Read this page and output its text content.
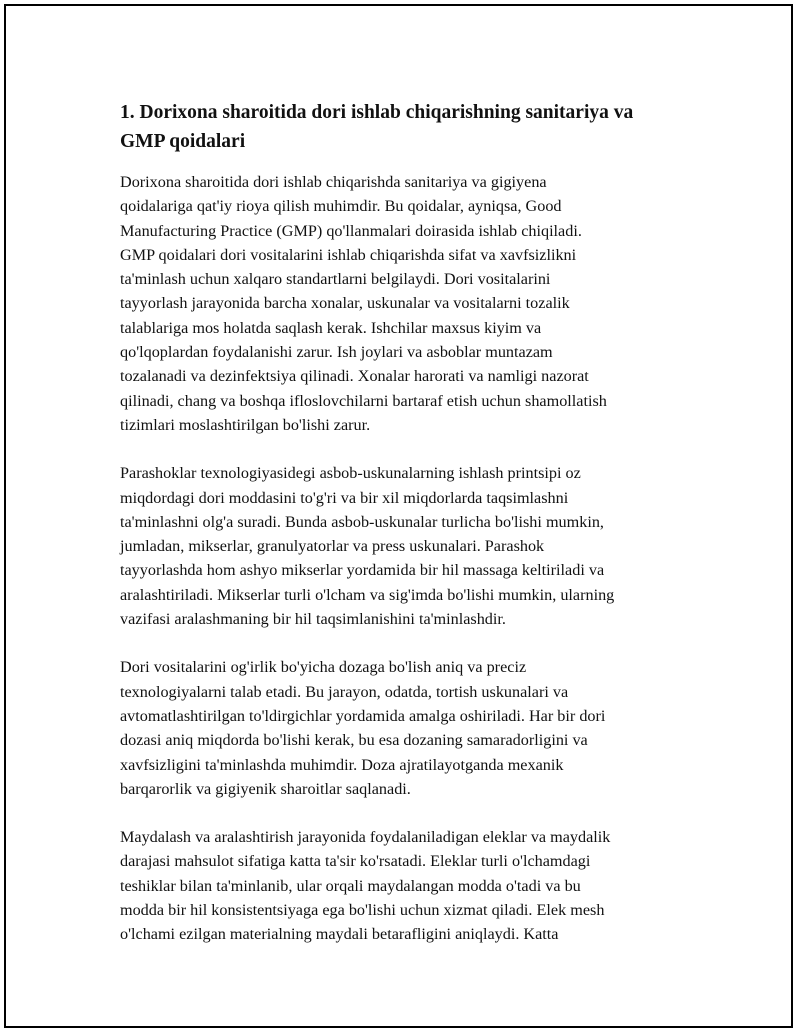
1. Dorixona sharoitida dori ishlab chiqarishning sanitariya va
GMP qoidalari

Dorixona sharoitida dori ishlab chiqarishda sanitariya va gigiyena
qoidalariga qat'iy rioya qilish muhimdir. Bu qoidalar, ayniqsa, Good
Manufacturing Practice (GMP) qo'llanmalari doirasida ishlab chiqiladi.
GMP qoidalari dori vositalarini ishlab chiqarishda sifat va xavfsizlikni
ta'minlash uchun xalqaro standartlarni belgilaydi. Dori vositalarini
tayyorlash jarayonida barcha xonalar, uskunalar va vositalarni tozalik
talablariga mos holatda saqlash kerak. Ishchilar maxsus kiyim va
qo'lqoplardan foydalanishi zarur. Ish joylari va asboblar muntazam
tozalanadi va dezinfektsiya qilinadi. Xonalar harorati va namligi nazorat
qilinadi, chang va boshqa ifloslovchilarni bartaraf etish uchun shamollatish
tizimlari moslashtirilgan bo'lishi zarur.

Parashoklar texnologiyasidegi asbob-uskunalarning ishlash printsipi oz
miqdordagi dori moddasini to'g'ri va bir xil miqdorlarda taqsimlashni
ta'minlashni olg'a suradi. Bunda asbob-uskunalar turlicha bo'lishi mumkin,
jumladan, mikserlar, granulyatorlar va press uskunalari. Parashok
tayyorlashda hom ashyo mikserlar yordamida bir hil massaga keltiriladi va
aralashtiriladi. Mikserlar turli o'lcham va sig'imda bo'lishi mumkin, ularning
vazifasi aralashmaning bir hil taqsimlanishini ta'minlashdir.

Dori vositalarini og'irlik bo'yicha dozaga bo'lish aniq va preciz
texnologiyalarni talab etadi. Bu jarayon, odatda, tortish uskunalari va
avtomatlashtirilgan to'ldirgichlar yordamida amalga oshiriladi. Har bir dori
dozasi aniq miqdorda bo'lishi kerak, bu esa dozaning samaradorligini va
xavfsizligini ta'minlashda muhimdir. Doza ajratilayotganda mexanik
barqarorlik va gigiyenik sharoitlar saqlanadi.

Maydalash va aralashtirish jarayonida foydalaniladigan eleklar va maydalik
darajasi mahsulot sifatiga katta ta'sir ko'rsatadi. Eleklar turli o'lchamdagi
teshiklar bilan ta'minlanib, ular orqali maydalangan modda o'tadi va bu
modda bir hil konsistentsiyaga ega bo'lishi uchun xizmat qiladi. Elek mesh
o'lchami ezilgan materialning maydali betarafligini aniqlaydi. Katta
